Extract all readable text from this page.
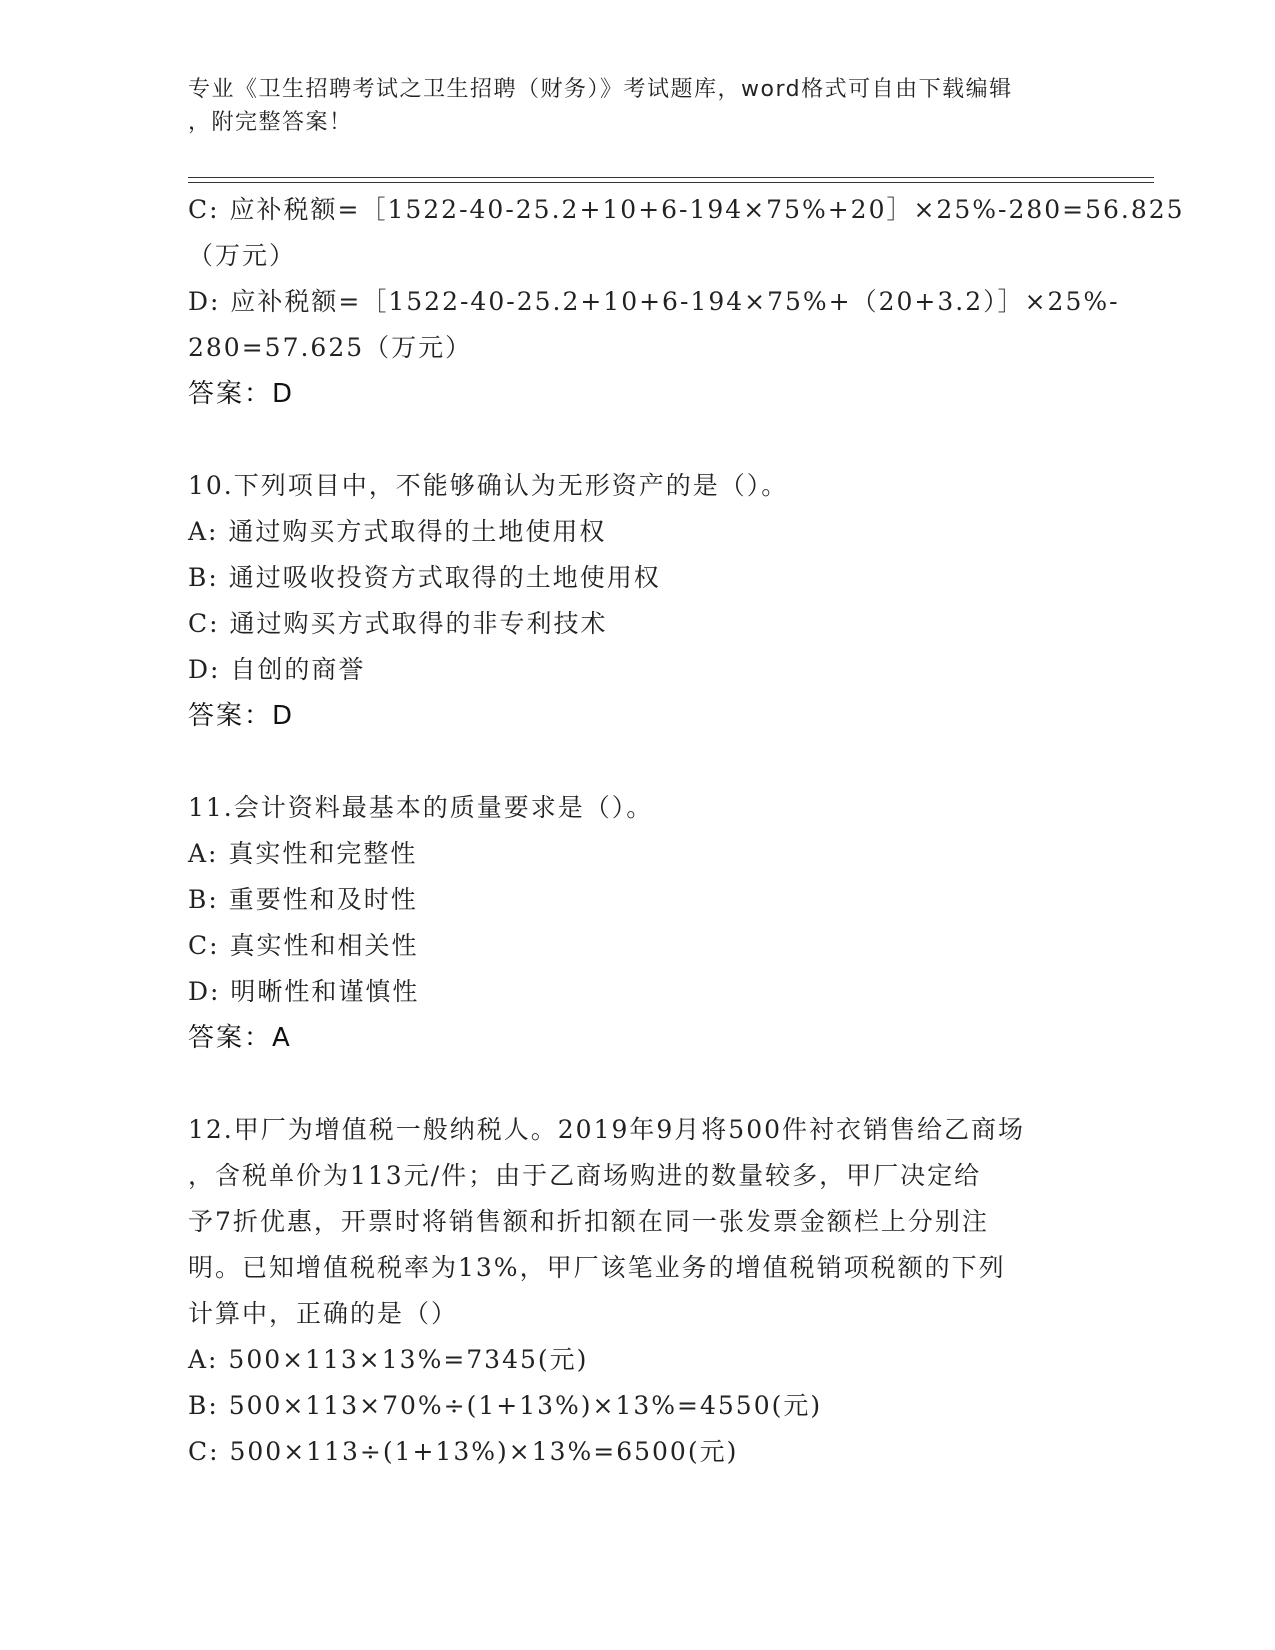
专业《卫生招聘考试之卫生招聘（财务）》考试题库，word格式可自由下载编辑
，附完整答案！
C: 应补税额=［1522-40-25.2+10+6-194×75%+20］×25%-280=56.825
（万元）
D: 应补税额=［1522-40-25.2+10+6-194×75%+（20+3.2）］×25%-
280=57.625（万元）
答案：D
10.下列项目中，不能够确认为无形资产的是（）。
A: 通过购买方式取得的土地使用权
B: 通过吸收投资方式取得的土地使用权
C: 通过购买方式取得的非专利技术
D: 自创的商誉
答案：D
11.会计资料最基本的质量要求是（）。
A: 真实性和完整性
B: 重要性和及时性
C: 真实性和相关性
D: 明晰性和谨慎性
答案：A
12.甲厂为增值税一般纳税人。2019年9月将500件衬衣销售给乙商场
，含税单价为113元/件；由于乙商场购进的数量较多，甲厂决定给
予7折优惠，开票时将销售额和折扣额在同一张发票金额栏上分别注
明。已知增值税税率为13%，甲厂该笔业务的增值税销项税额的下列
计算中，正确的是（）
A: 500×113×13%=7345(元)
B: 500×113×70%÷(1+13%)×13%=4550(元)
C: 500×113÷(1+13%)×13%=6500(元)
